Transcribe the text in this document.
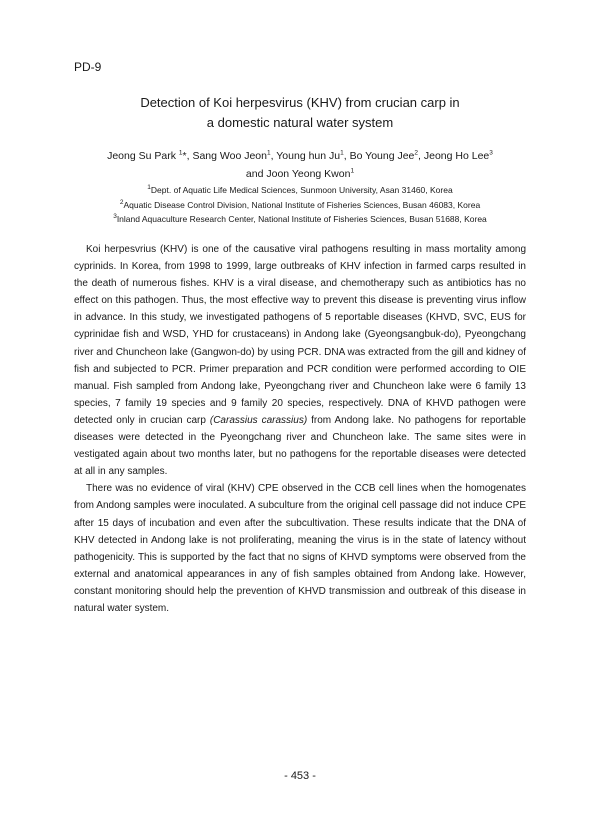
PD-9
Detection of Koi herpesvirus (KHV) from crucian carp in
a domestic natural water system
Jeong Su Park $^1$*, Sang Woo Jeon$^1$, Young hun Ju$^1$, Bo Young Jee$^2$, Jeong Ho Lee$^3$
and Joon Yeong Kwon$^1$
$^1$Dept. of Aquatic Life Medical Sciences, Sunmoon University, Asan 31460, Korea
$^2$Aquatic Disease Control Division, National Institute of Fisheries Sciences, Busan 46083, Korea
$^3$Inland Aquaculture Research Center, National Institute of Fisheries Sciences, Busan 51688, Korea

Koi herpesvrius (KHV) is one of the causative viral pathogens resulting in mass mortality among cyprinids. In Korea, from 1998 to 1999, large outbreaks of KHV infection in farmed carps resulted in the death of numerous fishes. KHV is a viral disease, and chemotherapy such as antibiotics has no effect on this pathogen. Thus, the most effective way to prevent this disease is preventing virus inflow in advance. In this study, we investigated pathogens of 5 reportable diseases (KHVD, SVC, EUS for cyprinidae fish and WSD, YHD for crustaceans) in Andong lake (Gyeongsangbuk-do), Pyeongchang river and Chuncheon lake (Gangwon-do) by using PCR. DNA was extracted from the gill and kidney of fish and subjected to PCR. Primer preparation and PCR condition were performed according to OIE manual. Fish sampled from Andong lake, Pyeongchang river and Chuncheon lake were 6 family 13 species, 7 family 19 species and 9 family 20 species, respectively. DNA of KHVD pathogen were detected only in crucian carp (Carassius carassius) from Andong lake. No pathogens for reportable diseases were detected in the Pyeongchang river and Chuncheon lake. The same sites were in vestigated again about two months later, but no pathogens for the reportable diseases were detected at all in any samples.

There was no evidence of viral (KHV) CPE observed in the CCB cell lines when the homogenates from Andong samples were inoculated. A subculture from the original cell passage did not induce CPE after 15 days of incubation and even after the subcultivation. These results indicate that the DNA of KHV detected in Andong lake is not proliferating, meaning the virus is in the state of latency without pathogenicity. This is supported by the fact that no signs of KHVD symptoms were observed from the external and anatomical appearances in any of fish samples obtained from Andong lake. However, constant monitoring should help the prevention of KHVD transmission and outbreak of this disease in natural water system.

- 453 -
